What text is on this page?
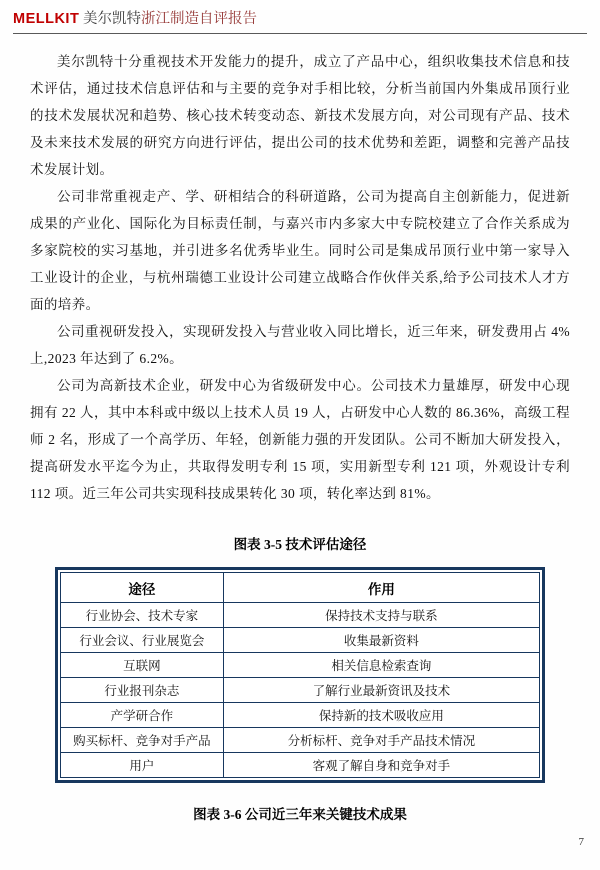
MELLKIT 美尔凯特浙江制造自评报告

美尔凯特十分重视技术开发能力的提升，成立了产品中心，组织收集技术信息和技术评估，通过技术信息评估和与主要的竞争对手相比较，分析当前国内外集成吊顶行业的技术发展状况和趋势、核心技术转变动态、新技术发展方向，对公司现有产品、技术及未来技术发展的研究方向进行评估，提出公司的技术优势和差距，调整和完善产品技术发展计划。

公司非常重视走产、学、研相结合的科研道路，公司为提高自主创新能力，促进新成果的产业化、国际化为目标责任制，与嘉兴市内多家大中专院校建立了合作关系成为多家院校的实习基地，并引进多名优秀毕业生。同时公司是集成吊顶行业中第一家导入工业设计的企业，与杭州瑞德工业设计公司建立战略合作伙伴关系,给予公司技术人才方面的培养。

公司重视研发投入，实现研发投入与营业收入同比增长，近三年来，研发费用占 4%上,2023 年达到了 6.2%。

公司为高新技术企业，研发中心为省级研发中心。公司技术力量雄厚，研发中心现拥有 22 人，其中本科或中级以上技术人员 19 人，占研发中心人数的 86.36%，高级工程师 2 名，形成了一个高学历、年轻，创新能力强的开发团队。公司不断加大研发投入，提高研发水平迄今为止，共取得发明专利 15 项，实用新型专利 121 项，外观设计专利 112 项。近三年公司共实现科技成果转化 30 项，转化率达到 81%。

图表 3-5 技术评估途径
途径	作用
行业协会、技术专家	保持技术支持与联系
行业会议、行业展览会	收集最新资料
互联网	相关信息检索查询
行业报刊杂志	了解行业最新资讯及技术
产学研合作	保持新的技术吸收应用
购买标杆、竞争对手产品	分析标杆、竞争对手产品技术情况
用户	客观了解自身和竞争对手
图表 3-6 公司近三年来关键技术成果
7
